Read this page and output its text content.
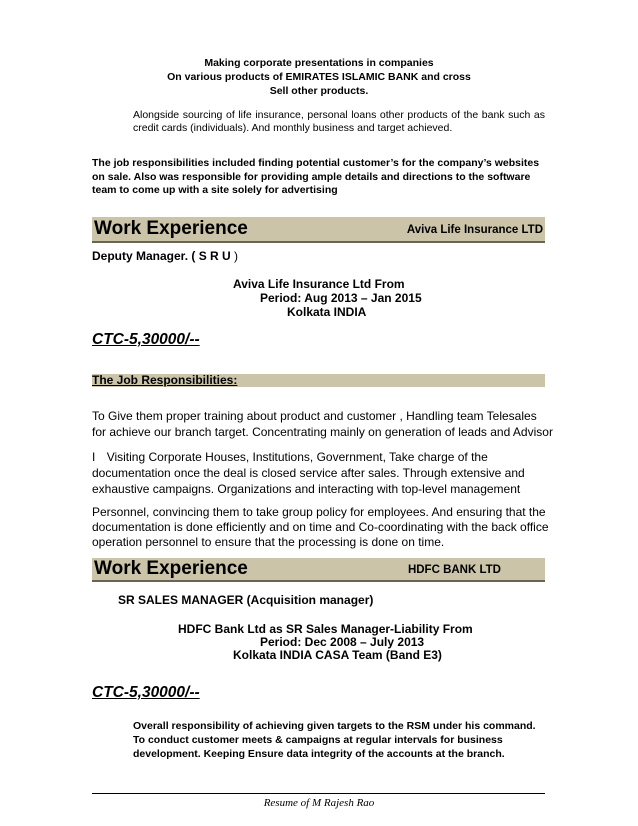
Making corporate presentations in companies
On various products of EMIRATES ISLAMIC BANK and cross
Sell other products.
Alongside sourcing of life insurance, personal loans other products of the bank such as
credit cards (individuals). And monthly business and target achieved.
The job responsibilities included finding potential customer’s for the company’s websites
on sale. Also was responsible for providing ample details and directions to the software
team to come up with a site solely for advertising
Work Experience	Aviva Life Insurance LTD
Deputy Manager. ( S R U )
Aviva Life Insurance Ltd From
Period: Aug 2013 – Jan 2015
Kolkata INDIA
CTC-5,30000/--
The Job Responsibilities:
To Give them proper training about product and customer , Handling team Telesales
for achieve our branch target. Concentrating mainly on generation of leads and Advisor
I Visiting Corporate Houses, Institutions, Government, Take charge of the
documentation once the deal is closed service after sales. Through extensive and
exhaustive campaigns. Organizations and interacting with top-level management
Personnel, convincing them to take group policy for employees. And ensuring that the
documentation is done efficiently and on time and Co-coordinating with the back office
operation personnel to ensure that the processing is done on time.
Work Experience	HDFC BANK LTD
SR SALES MANAGER (Acquisition manager)
HDFC Bank Ltd as SR Sales Manager-Liability From
Period: Dec 2008 – July 2013
Kolkata INDIA CASA Team (Band E3)
CTC-5,30000/--
Overall responsibility of achieving given targets to the RSM under his command.
To conduct customer meets & campaigns at regular intervals for business
development. Keeping Ensure data integrity of the accounts at the branch.
Resume of M Rajesh Rao
